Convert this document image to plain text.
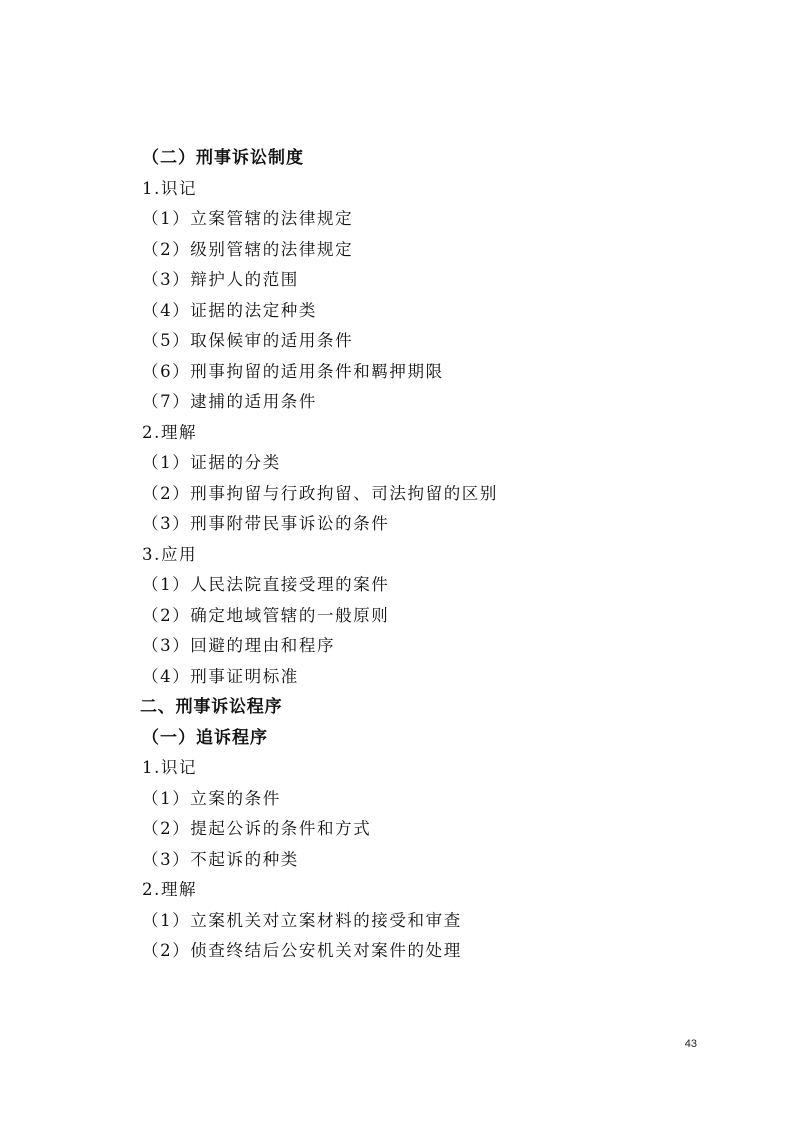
（二）刑事诉讼制度
1.识记
（1）立案管辖的法律规定
（2）级别管辖的法律规定
（3）辩护人的范围
（4）证据的法定种类
（5）取保候审的适用条件
（6）刑事拘留的适用条件和羁押期限
（7）逮捕的适用条件
2.理解
（1）证据的分类
（2）刑事拘留与行政拘留、司法拘留的区别
（3）刑事附带民事诉讼的条件
3.应用
（1）人民法院直接受理的案件
（2）确定地域管辖的一般原则
（3）回避的理由和程序
（4）刑事证明标准
二、刑事诉讼程序
（一）追诉程序
1.识记
（1）立案的条件
（2）提起公诉的条件和方式
（3）不起诉的种类
2.理解
（1）立案机关对立案材料的接受和审查
（2）侦查终结后公安机关对案件的处理
43
